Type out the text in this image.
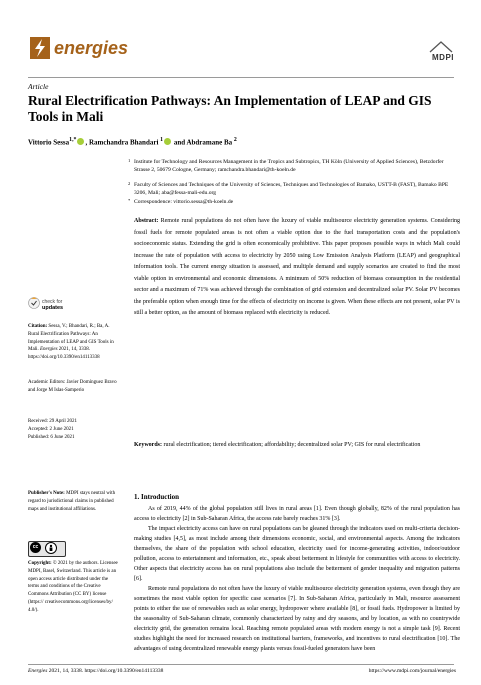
energies	MDPI
Article
Rural Electrification Pathways: An Implementation of LEAP and GIS Tools in Mali
Vittorio Sessa$^{1,*}$ , Ramchandra Bhandari $^1$ and Abdramane Ba $^2$
1 Institute for Technology and Resources Management in the Tropics and Subtropics, TH Köln (University of Applied Sciences), Betzdorfer Strasse 2, 50679 Cologne, Germany; ramchandra.bhandari@th-koeln.de
2 Faculty of Sciences and Techniques of the University of Sciences, Techniques and Technologies of Bamako, USTT-B (FAST), Bamako BPE 3206, Mali; aba@fessa-mali-edu.org
* Correspondence: vittorio.sessa@th-koeln.de
Abstract: Remote rural populations do not often have the luxury of viable multisource electricity generation systems. Considering fossil fuels for remote populated areas is not often a viable option due to the fuel transportation costs and the population's socioeconomic status. Extending the grid is often economically prohibitive. This paper proposes possible ways in which Mali could increase the rate of population with access to electricity by 2050 using Low Emission Analysis Platform (LEAP) and geographical information tools. The current energy situation is assessed, and multiple demand and supply scenarios are created to find the most viable option in environmental and economic dimensions. A minimum of 50% reduction of biomass consumption in the residential sector and a maximum of 71% was achieved through the combination of grid extension and decentralized solar PV. Solar PV becomes the preferable option when enough time for the effects of electricity on income is given. When these effects are not present, solar PV is still a better option, as the amount of biomass replaced with electricity is reduced.
Keywords: rural electrification; tiered electrification; affordability; decentralized solar PV; GIS for rural electrification
1. Introduction

As of 2019, 44% of the global population still lives in rural areas [1]. Even though globally, 82% of the rural population has access to electricity [2] in Sub-Saharan Africa, the access rate barely reaches 31% [3].

The impact electricity access can have on rural populations can be gleaned through the indicators used on multi-criteria decision-making studies [4,5], as most include among their dimensions economic, social, and environmental aspects. Among the indicators themselves, the share of the population with school education, electricity used for income-generating activities, indoor/outdoor pollution, access to entertainment and information, etc., speak about betterment in lifestyle for communities with access to electricity. Other aspects that electricity access has on rural populations also include the betterment of gender inequality and migration patterns [6].

Remote rural populations do not often have the luxury of viable multisource electricity generation systems, even though they are sometimes the most viable option for specific case scenarios [7]. In Sub-Saharan Africa, particularly in Mali, resource assessment points to either the use of renewables such as solar energy, hydropower where available [8], or fossil fuels. Hydropower is limited by the seasonality of Sub-Saharan climate, commonly characterized by rainy and dry seasons, and by location, as with no countrywide electricity grid, the generation remains local. Reaching remote populated areas with modern energy is not a simple task [9]. Recent studies highlight the need for increased research on institutional barriers, frameworks, and incentives to rural electrification [10]. The advantages of using decentralized renewable energy plants versus fossil-fueled generators have been

check for
updates
Citation: Sessa, V.; Bhandari, R.; Ba, A. Rural Electrification Pathways: An Implementation of LEAP and GIS Tools in Mali. Energies 2021, 14, 3338. https://doi.org/10.3390/en14113338
Academic Editors: Javier Domínguez Bravo and Jorge M Islas-Samperio
Received: 29 April 2021
Accepted: 2 June 2021
Published: 6 June 2021
Publisher's Note: MDPI stays neutral with regard to jurisdictional claims in published maps and institutional affiliations.
cc
Copyright: © 2021 by the authors. Licensee MDPI, Basel, Switzerland. This article is an open access article distributed under the terms and conditions of the Creative Commons Attribution (CC BY) license (https:// creativecommons.org/licenses/by/ 4.0/).
Energies 2021, 14, 3338. https://doi.org/10.3390/en14113338	https://www.mdpi.com/journal/energies
